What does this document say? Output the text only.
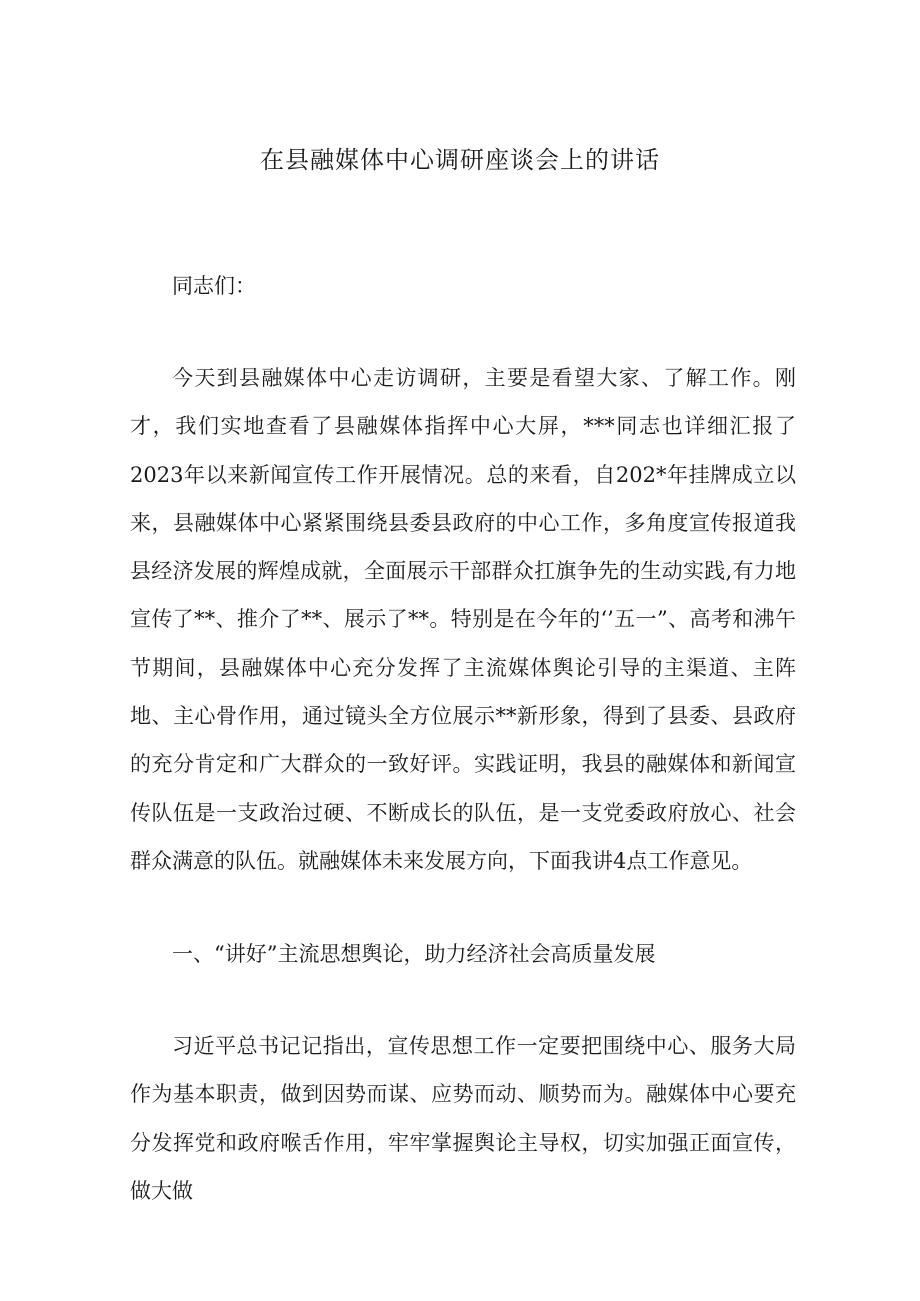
在县融媒体中心调研座谈会上的讲话

同志们：

今天到县融媒体中心走访调研，主要是看望大家、了解工作。刚才，我们实地查看了县融媒体指挥中心大屏，***同志也详细汇报了2023年以来新闻宣传工作开展情况。总的来看，自202*年挂牌成立以来，县融媒体中心紧紧围绕县委县政府的中心工作，多角度宣传报道我县经济发展的辉煌成就，全面展示干部群众扛旗争先的生动实践,有力地宣传了**、推介了**、展示了**。特别是在今年的‘’五一”、高考和沸午节期间，县融媒体中心充分发挥了主流媒体舆论引导的主渠道、主阵地、主心骨作用，通过镜头全方位展示**新形象，得到了县委、县政府的充分肯定和广大群众的一致好评。实践证明，我县的融媒体和新闻宣传队伍是一支政治过硬、不断成长的队伍，是一支党委政府放心、社会群众满意的队伍。就融媒体未来发展方向，下面我讲4点工作意见。

一、“讲好”主流思想舆论，助力经济社会高质量发展

习近平总书记记指出，宣传思想工作一定要把围绕中心、服务大局作为基本职责，做到因势而谋、应势而动、顺势而为。融媒体中心要充分发挥党和政府喉舌作用，牢牢掌握舆论主导权，切实加强正面宣传，做大做
